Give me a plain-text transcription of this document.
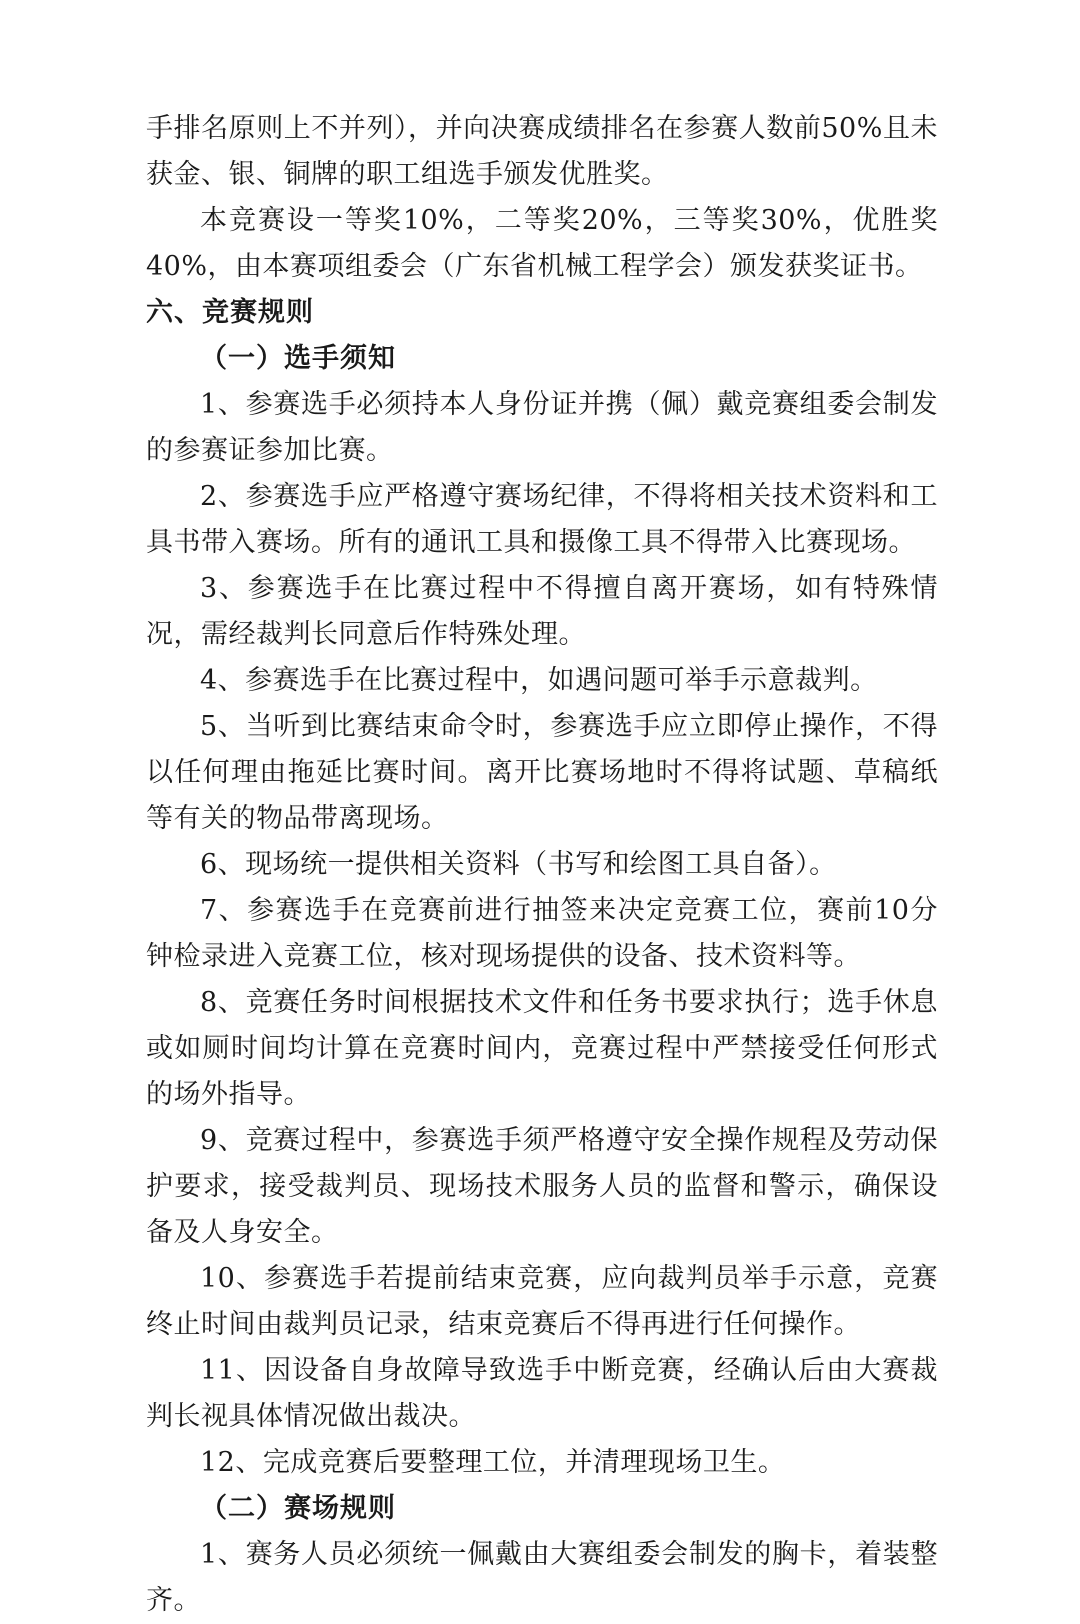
手排名原则上不并列），并向决赛成绩排名在参赛人数前50%且未获金、银、铜牌的职工组选手颁发优胜奖。

本竞赛设一等奖10%，二等奖20%，三等奖30%，优胜奖40%，由本赛项组委会（广东省机械工程学会）颁发获奖证书。

六、竞赛规则

（一）选手须知

1、参赛选手必须持本人身份证并携（佩）戴竞赛组委会制发的参赛证参加比赛。

2、参赛选手应严格遵守赛场纪律，不得将相关技术资料和工具书带入赛场。所有的通讯工具和摄像工具不得带入比赛现场。

3、参赛选手在比赛过程中不得擅自离开赛场，如有特殊情况，需经裁判长同意后作特殊处理。

4、参赛选手在比赛过程中，如遇问题可举手示意裁判。

5、当听到比赛结束命令时，参赛选手应立即停止操作，不得以任何理由拖延比赛时间。离开比赛场地时不得将试题、草稿纸等有关的物品带离现场。

6、现场统一提供相关资料（书写和绘图工具自备）。

7、参赛选手在竞赛前进行抽签来决定竞赛工位，赛前10分钟检录进入竞赛工位，核对现场提供的设备、技术资料等。

8、竞赛任务时间根据技术文件和任务书要求执行；选手休息或如厕时间均计算在竞赛时间内，竞赛过程中严禁接受任何形式的场外指导。

9、竞赛过程中，参赛选手须严格遵守安全操作规程及劳动保护要求，接受裁判员、现场技术服务人员的监督和警示，确保设备及人身安全。

10、参赛选手若提前结束竞赛，应向裁判员举手示意，竞赛终止时间由裁判员记录，结束竞赛后不得再进行任何操作。

11、因设备自身故障导致选手中断竞赛，经确认后由大赛裁判长视具体情况做出裁决。

12、完成竞赛后要整理工位，并清理现场卫生。

（二）赛场规则

1、赛务人员必须统一佩戴由大赛组委会制发的胸卡，着装整齐。
